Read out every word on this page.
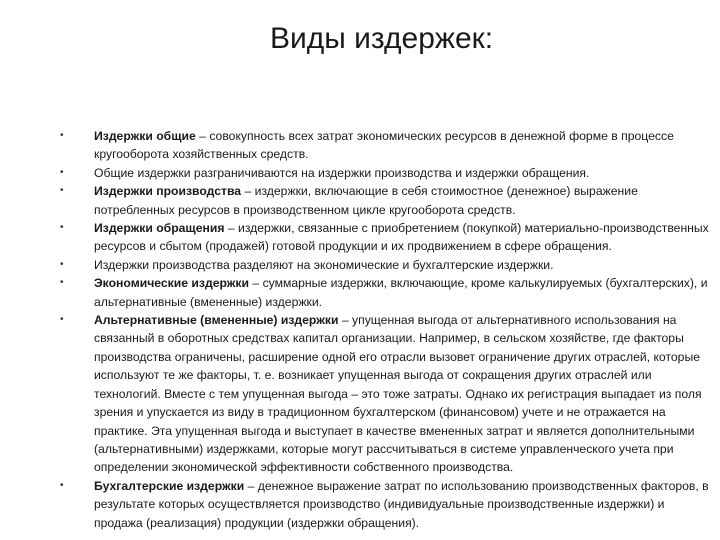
Виды издержек:
•	Издержки общие – совокупность всех затрат экономических ресурсов в денежной форме в процессе кругооборота хозяйственных средств.
•	Общие издержки разграничиваются на издержки производства и издержки обращения.
•	Издержки производства – издержки, включающие в себя стоимостное (денежное) выражение потребленных ресурсов в производственном цикле кругооборота средств.
•	Издержки обращения – издержки, связанные с приобретением (покупкой) материально-производственных ресурсов и сбытом (продажей) готовой продукции и их продвижением в сфере обращения.
•	Издержки производства разделяют на экономические и бухгалтерские издержки.
•	Экономические издержки – суммарные издержки, включающие, кроме калькулируемых (бухгалтерских), и альтернативные (вмененные) издержки.
•	Альтернативные (вмененные) издержки – упущенная выгода от альтернативного использования на связанный в оборотных средствах капитал организации. Например, в сельском хозяйстве, где факторы производства ограничены, расширение одной его отрасли вызовет ограничение других отраслей, которые используют те же факторы, т. е. возникает упущенная выгода от сокращения других отраслей или технологий. Вместе с тем упущенная выгода – это тоже затраты. Однако их регистрация выпадает из поля зрения и упускается из виду в традиционном бухгалтерском (финансовом) учете и не отражается на практике. Эта упущенная выгода и выступает в качестве вмененных затрат и является дополнительными (альтернативными) издержками, которые могут рассчитываться в системе управленческого учета при определении экономической эффективности собственного производства.
•	Бухгалтерские издержки – денежное выражение затрат по использованию производственных факторов, в результате которых осуществляется производство (индивидуальные производственные издержки) и продажа (реализация) продукции (издержки обращения).
